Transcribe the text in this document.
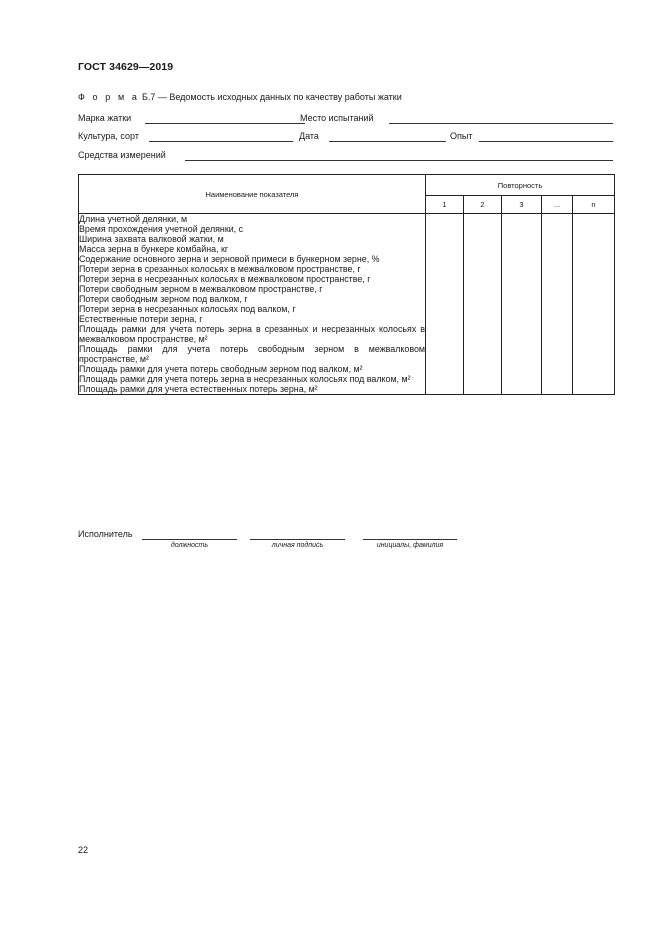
ГОСТ 34629—2019
Ф о р м а Б.7 — Ведомость исходных данных по качеству работы жатки
Марка жатки	Место испытаний
Культура, сорт	Дата	Опыт
Средства измерений
Наименование показателя	Повторность				
	1	2	3	...	n

Длина учетной делянки, м					

Время прохождения учетной делянки, с					

Ширина захвата валковой жатки, м					

Масса зерна в бункере комбайна, кг					

Содержание основного зерна и зерновой примеси в бункерном зерне, %					

Потери зерна в срезанных колосьях в межвалковом пространстве, г					

Потери зерна в несрезанных колосьях в межвалковом пространстве, г					

Потери свободным зерном в межвалковом пространстве, г					

Потери свободным зерном под валком, г					

Потери зерна в несрезанных колосьях под валком, г					

Естественные потери зерна, г					

Площадь рамки для учета потерь зерна в срезанных и несрезанных колосьях в межвалковом пространстве, м²					

Площадь рамки для учета потерь свободным зерном в межвалковом пространстве, м²					

Площадь рамки для учета потерь свободным зерном под валком, м²					

Площадь рамки для учета потерь зерна в несрезанных колосьях под валком, м²					

Площадь рамки для учета естественных потерь зерна, м²					

Исполнитель
должность	личная подпись	инициалы, фамилия
22
